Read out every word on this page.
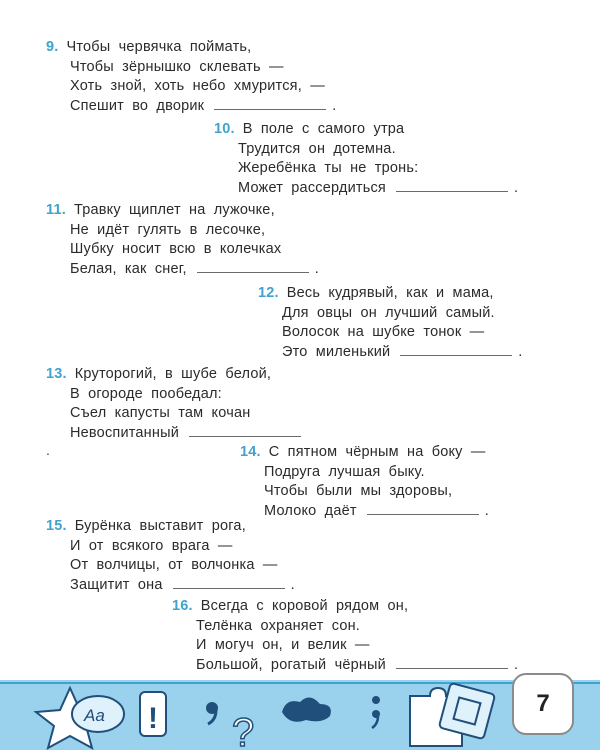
9. Чтобы червячка поймать,
Чтобы зёрнышко склевать —
Хоть зной, хоть небо хмурится, —
Спешит во дворик	.
10. В поле с самого утра
Трудится он дотемна.
Жеребёнка ты не тронь:
Может рассердиться	.
11. Травку щиплет на лужочке,
Не идёт гулять в лесочке,
Шубку носит всю в колечках
Белая, как снег,	.
12. Весь кудрявый, как и мама,
Для овцы он лучший самый.
Волосок на шубке тонок —
Это миленький	.
13. Круторогий, в шубе белой,
В огороде пообедал:
Съел капусты там кочан
Невоспитанный
.	14. С пятном чёрным на боку —
Подруга лучшая быку.
Чтобы были мы здоровы,
Молоко даёт	.
15. Бурёнка выставит рога,
И от всякого врага —
От волчицы, от волчонка —
Защитит она	.
16. Всегда с коровой рядом он,
Телёнка охраняет сон.
И могуч он, и велик —
Большой, рогатый чёрный	.
Aa ! ?
7
